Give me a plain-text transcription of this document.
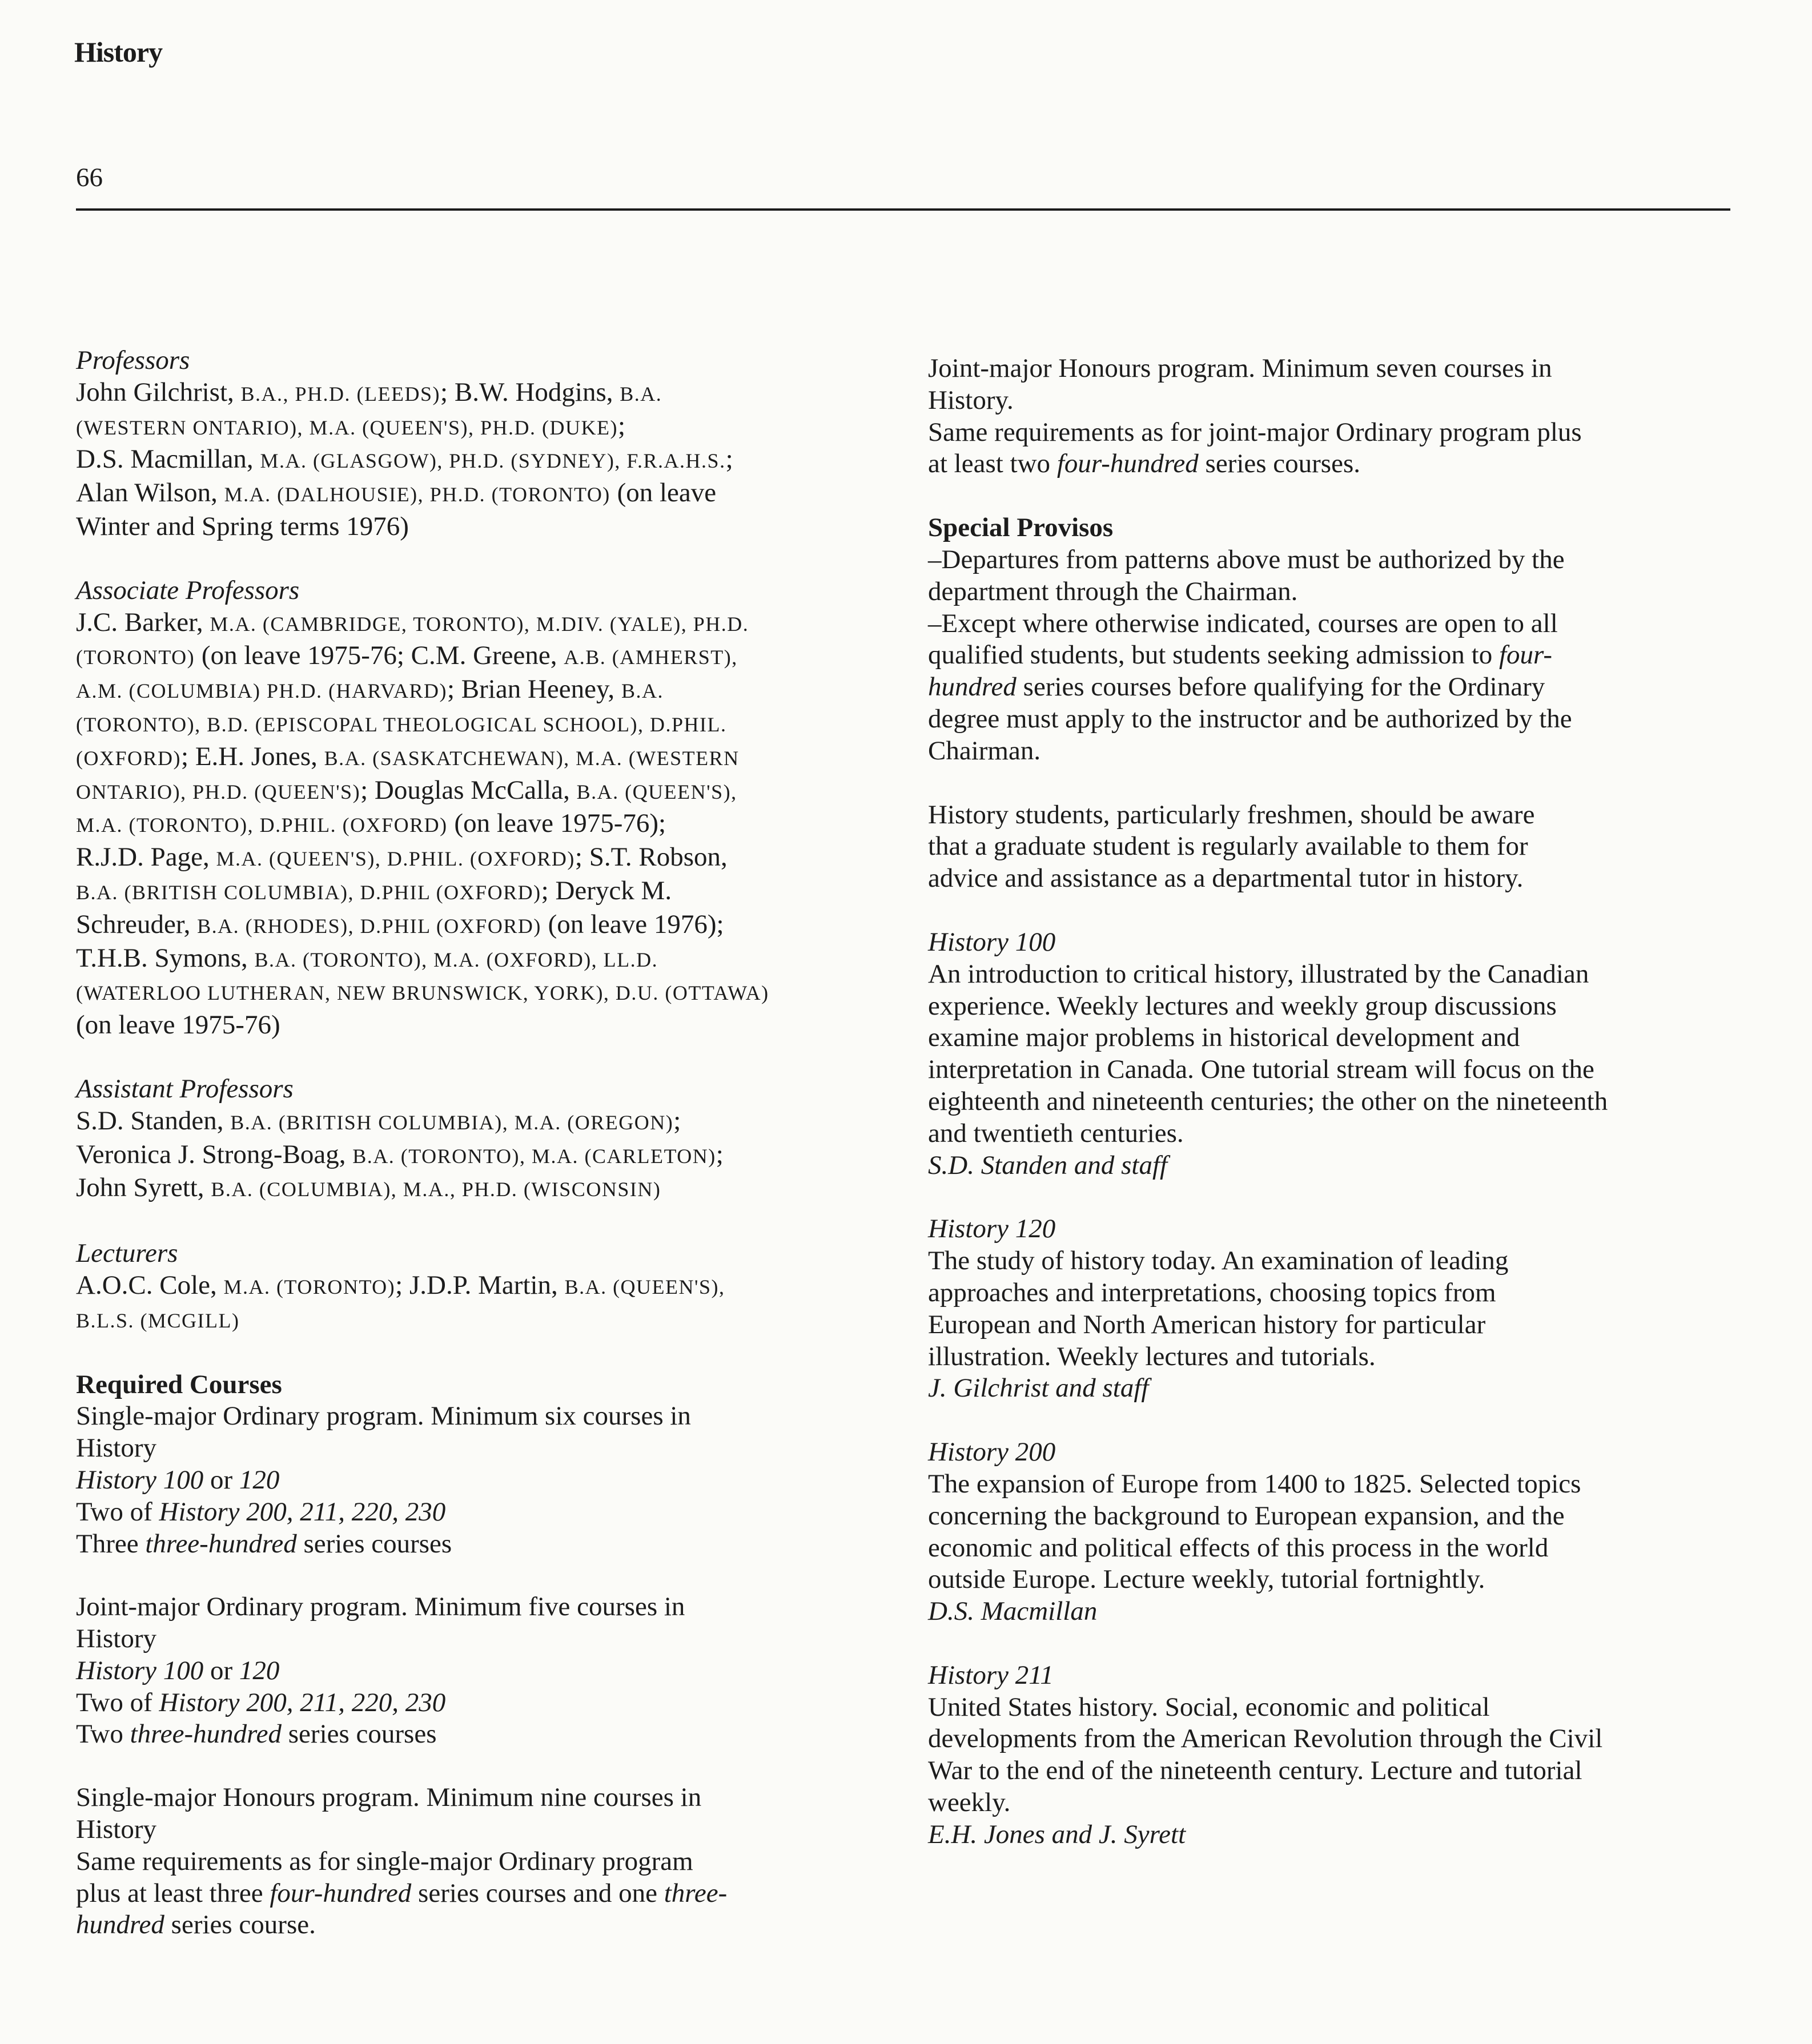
History
66

Professors

John Gilchrist, B.A., PH.D. (LEEDS); B.W. Hodgins, B.A.
(WESTERN ONTARIO), M.A. (QUEEN'S), PH.D. (DUKE);
D.S. Macmillan, M.A. (GLASGOW), PH.D. (SYDNEY), F.R.A.H.S.;
Alan Wilson, M.A. (DALHOUSIE), PH.D. (TORONTO) (on leave
Winter and Spring terms 1976)

Associate Professors

J.C. Barker, M.A. (CAMBRIDGE, TORONTO), M.DIV. (YALE), PH.D.
(TORONTO) (on leave 1975-76; C.M. Greene, A.B. (AMHERST),
A.M. (COLUMBIA) PH.D. (HARVARD); Brian Heeney, B.A.
(TORONTO), B.D. (EPISCOPAL THEOLOGICAL SCHOOL), D.PHIL.
(OXFORD); E.H. Jones, B.A. (SASKATCHEWAN), M.A. (WESTERN
ONTARIO), PH.D. (QUEEN'S); Douglas McCalla, B.A. (QUEEN'S),
M.A. (TORONTO), D.PHIL. (OXFORD) (on leave 1975-76);
R.J.D. Page, M.A. (QUEEN'S), D.PHIL. (OXFORD); S.T. Robson,
B.A. (BRITISH COLUMBIA), D.PHIL (OXFORD); Deryck M.
Schreuder, B.A. (RHODES), D.PHIL (OXFORD) (on leave 1976);
T.H.B. Symons, B.A. (TORONTO), M.A. (OXFORD), LL.D.
(WATERLOO LUTHERAN, NEW BRUNSWICK, YORK), D.U. (OTTAWA)
(on leave 1975-76)

Assistant Professors

S.D. Standen, B.A. (BRITISH COLUMBIA), M.A. (OREGON);
Veronica J. Strong-Boag, B.A. (TORONTO), M.A. (CARLETON);
John Syrett, B.A. (COLUMBIA), M.A., PH.D. (WISCONSIN)

Lecturers

A.O.C. Cole, M.A. (TORONTO); J.D.P. Martin, B.A. (QUEEN'S),
B.L.S. (MCGILL)

Required Courses

Single-major Ordinary program. Minimum six courses in
History
History 100 or 120
Two of History 200, 211, 220, 230
Three three-hundred series courses
Joint-major Ordinary program. Minimum five courses in
History
History 100 or 120
Two of History 200, 211, 220, 230
Two three-hundred series courses
Single-major Honours program. Minimum nine courses in
History
Same requirements as for single-major Ordinary program
plus at least three four-hundred series courses and one three-
hundred series course.
Joint-major Honours program. Minimum seven courses in
History.
Same requirements as for joint-major Ordinary program plus
at least two four-hundred series courses.

Special Provisos

–Departures from patterns above must be authorized by the
department through the Chairman.
–Except where otherwise indicated, courses are open to all
qualified students, but students seeking admission to four-
hundred series courses before qualifying for the Ordinary
degree must apply to the instructor and be authorized by the
Chairman.
History students, particularly freshmen, should be aware
that a graduate student is regularly available to them for
advice and assistance as a departmental tutor in history.

History 100

An introduction to critical history, illustrated by the Canadian
experience. Weekly lectures and weekly group discussions
examine major problems in historical development and
interpretation in Canada. One tutorial stream will focus on the
eighteenth and nineteenth centuries; the other on the nineteenth
and twentieth centuries.

S.D. Standen and staff

History 120

The study of history today. An examination of leading
approaches and interpretations, choosing topics from
European and North American history for particular
illustration. Weekly lectures and tutorials.

J. Gilchrist and staff

History 200

The expansion of Europe from 1400 to 1825. Selected topics
concerning the background to European expansion, and the
economic and political effects of this process in the world
outside Europe. Lecture weekly, tutorial fortnightly.

D.S. Macmillan

History 211

United States history. Social, economic and political
developments from the American Revolution through the Civil
War to the end of the nineteenth century. Lecture and tutorial
weekly.

E.H. Jones and J. Syrett
